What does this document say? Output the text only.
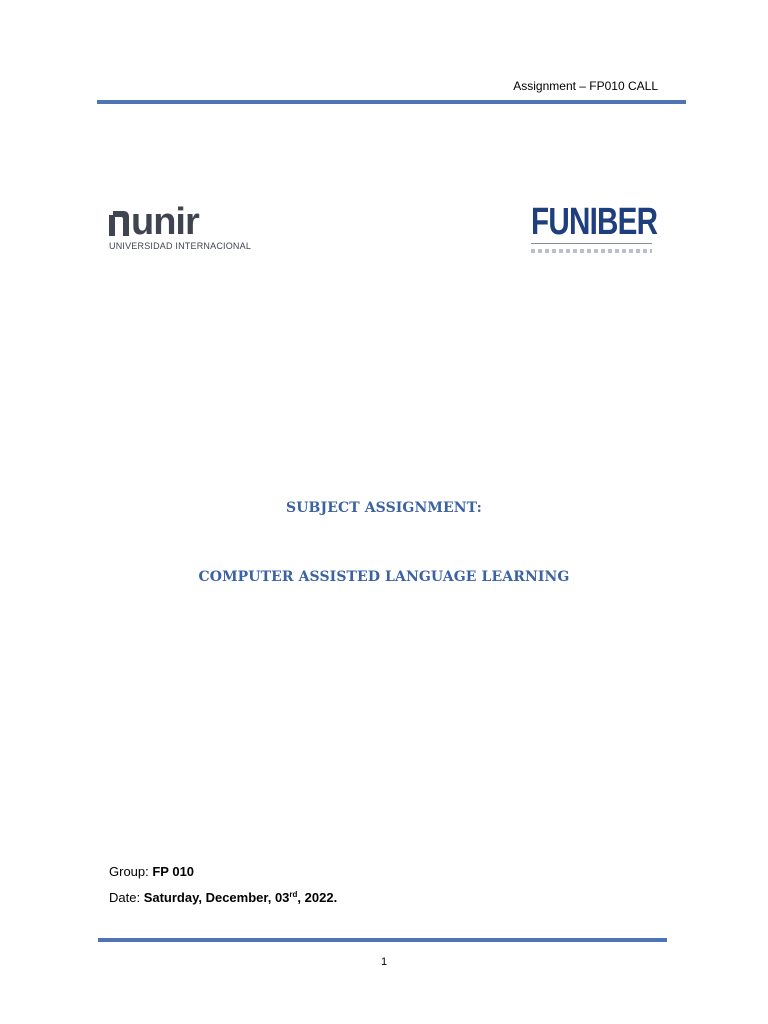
Assignment – FP010 CALL
unir
UNIVERSIDAD INTERNACIONAL
FUNIBER
SUBJECT ASSIGNMENT:
COMPUTER ASSISTED LANGUAGE LEARNING
Group: FP 010
Date: Saturday, December, 03rd, 2022.
1
